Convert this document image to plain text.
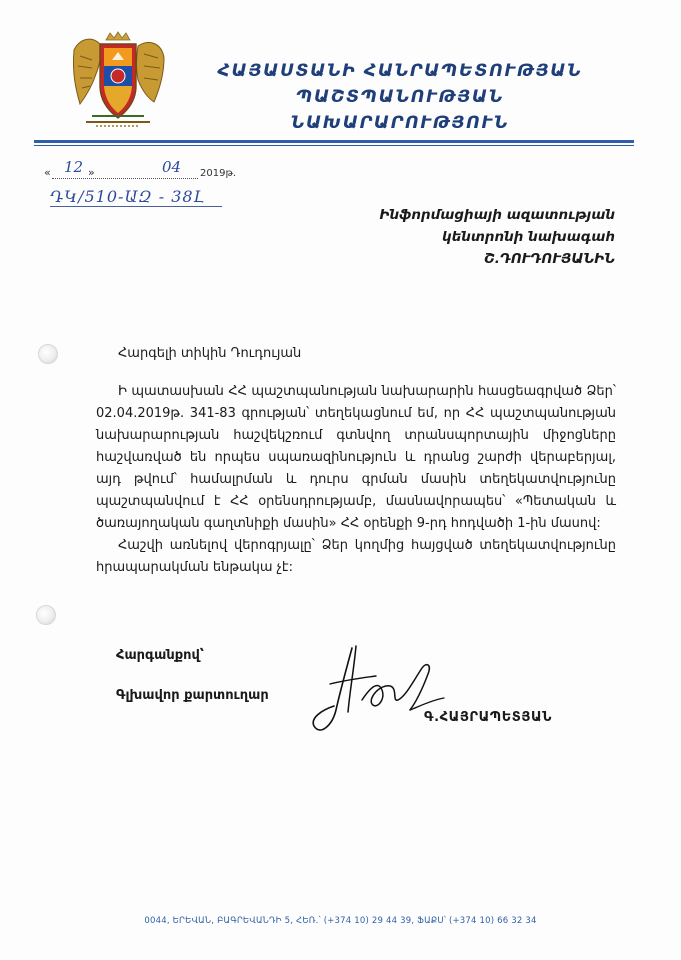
ՀԱՅԱՍՏԱՆԻ ՀԱՆՐԱՊԵՏՈՒԹՅԱՆ
ՊԱՇՏՊԱՆՈՒԹՅԱՆ ՆԱԽԱՐԱՐՈՒԹՅՈՒՆ
« 12 »	04 2019թ.
ԴԿ/510-ԱԶ - 38Լ
Ինֆորմացիայի ազատության
կենտրոնի նախագահ
Շ.ԴՈՒԴՈՒՅԱՆԻՆ
Հարգելի տիկին Դուդույան

Ի պատասխան ՀՀ պաշտպանության նախարարին հասցեագրված Ձեր՝ 02.04.2019թ. 341-83 գրության՝ տեղեկացնում եմ, որ ՀՀ պաշտպանության նախարարության հաշվեկշռում գտնվող տրանսպորտային միջոցները հաշվառված են որպես սպառազինություն և դրանց շարժի վերաբերյալ, այդ թվում՝ համալրման և դուրս գրման մասին տեղեկատվությունը պաշտպանվում է ՀՀ օրենսդրությամբ, մասնավորապես՝ «Պետական և ծառայողական գաղտնիքի մասին» ՀՀ օրենքի 9-րդ հոդվածի 1-ին մասով:

Հաշվի առնելով վերոգրյալը՝ Ձեր կողմից հայցված տեղեկատվությունը հրապարակման ենթակա չէ:

Հարգանքով՝
Գլխավոր քարտուղար
Գ.ՀԱՅՐԱՊԵՏՅԱՆ
0044, ԵՐԵՎԱՆ, ԲԱԳՐԵՎԱՆԴԻ 5, ՀԵՌ.՝ (+374 10) 29 44 39, ՖԱՔՍ՝ (+374 10) 66 32 34
